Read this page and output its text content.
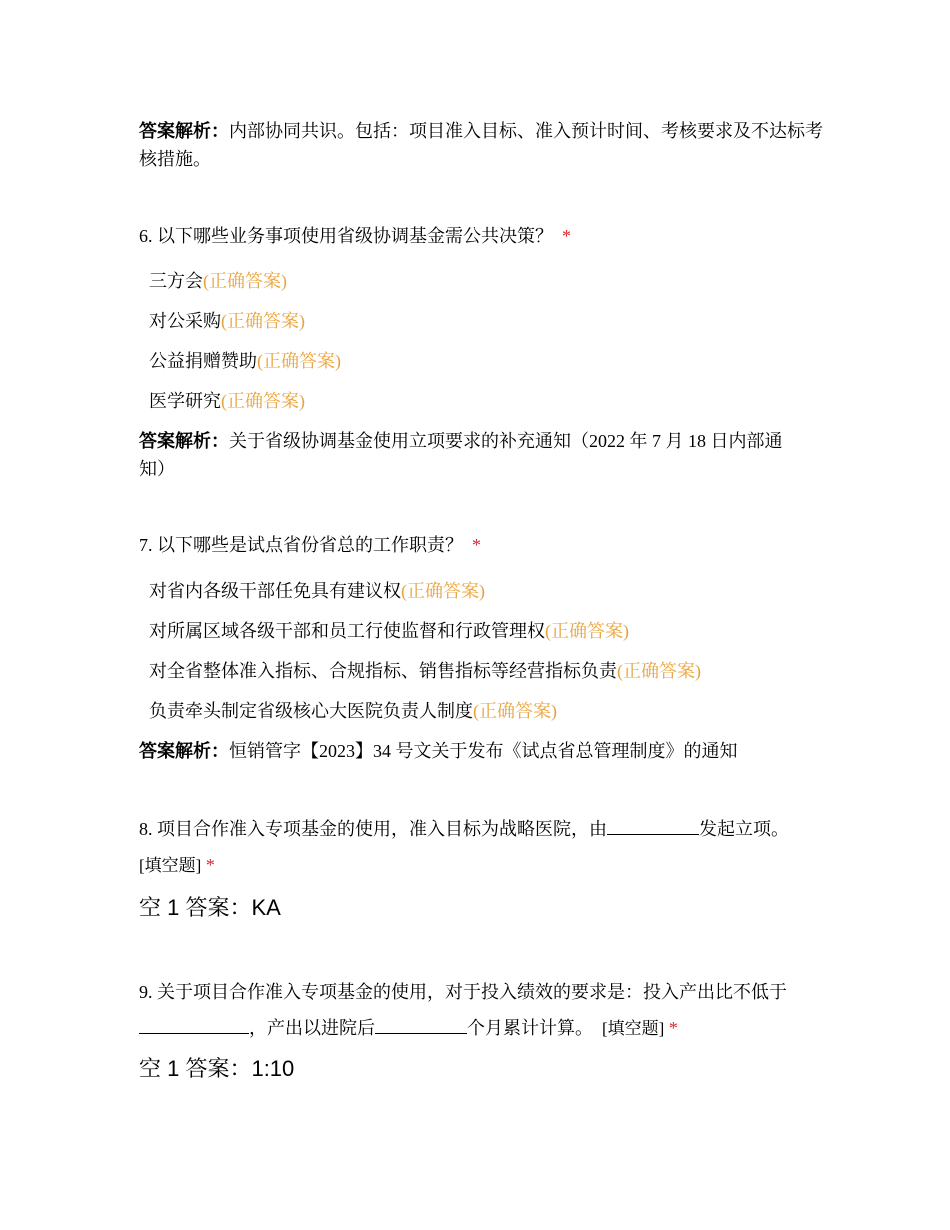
答案解析：内部协同共识。包括：项目准入目标、准入预计时间、考核要求及不达标考核措施。
6. 以下哪些业务事项使用省级协调基金需公共决策？ *
三方会(正确答案)
对公采购(正确答案)
公益捐赠赞助(正确答案)
医学研究(正确答案)
答案解析：关于省级协调基金使用立项要求的补充通知（2022 年 7 月 18 日内部通
知）
7. 以下哪些是试点省份省总的工作职责？ *
对省内各级干部任免具有建议权(正确答案)
对所属区域各级干部和员工行使监督和行政管理权(正确答案)
对全省整体准入指标、合规指标、销售指标等经营指标负责(正确答案)
负责牵头制定省级核心大医院负责人制度(正确答案)
答案解析：恒销管字【2023】34 号文关于发布《试点省总管理制度》的通知
8. 项目合作准入专项基金的使用，准入目标为战略医院，由	发起立项。
[填空题] *
空 1 答案：KA
9. 关于项目合作准入专项基金的使用，对于投入绩效的要求是：投入产出比不低于
，产出以进院后	个月累计计算。 [填空题] *
空 1 答案：1:10
